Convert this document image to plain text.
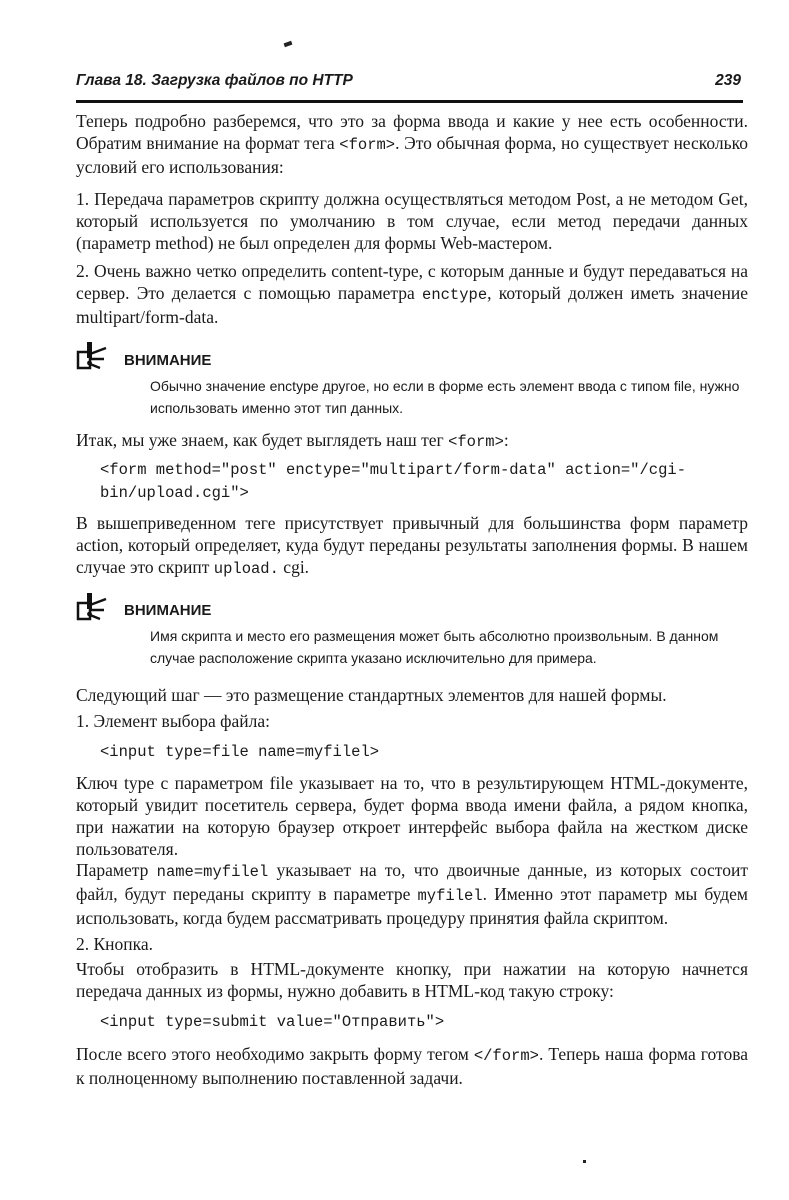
Глава 18. Загрузка файлов по HTTP	239

Теперь подробно разберемся, что это за форма ввода и какие у нее есть особенности. Обратим внимание на формат тега <form>. Это обычная форма, но существует несколько условий его использования:

1. Передача параметров скрипту должна осуществляться методом Post, а не методом Get, который используется по умолчанию в том случае, если метод передачи данных (параметр method) не был определен для формы Web-мастером.

2. Очень важно четко определить content-type, с которым данные и будут передаваться на сервер. Это делается с помощью параметра enctype, который должен иметь значение multipart/form-data.

ВНИМАНИЕ
Обычно значение enctype другое, но если в форме есть элемент ввода с типом file, нужно использовать именно этот тип данных.

Итак, мы уже знаем, как будет выглядеть наш тег <form>:

<form method="post" enctype="multipart/form-data" action="/cgi-
bin/upload.cgi">

В вышеприведенном теге присутствует привычный для большинства форм параметр action, который определяет, куда будут переданы результаты заполнения формы. В нашем случае это скрипт upload. cgi.

ВНИМАНИЕ
Имя скрипта и место его размещения может быть абсолютно произвольным. В данном случае расположение скрипта указано исключительно для примера.

Следующий шаг — это размещение стандартных элементов для нашей формы.

1. Элемент выбора файла:

<input type=file name=myfilel>

Ключ type с параметром file указывает на то, что в результирующем HTML-документе, который увидит посетитель сервера, будет форма ввода имени файла, а рядом кнопка, при нажатии на которую браузер откроет интерфейс выбора файла на жестком диске пользователя.

Параметр name=myfilel указывает на то, что двоичные данные, из которых состоит файл, будут переданы скрипту в параметре myfilel. Именно этот параметр мы будем использовать, когда будем рассматривать процедуру принятия файла скриптом.

2. Кнопка.

Чтобы отобразить в HTML-документе кнопку, при нажатии на которую начнется передача данных из формы, нужно добавить в HTML-код такую строку:

<input type=submit value="Отправить">

После всего этого необходимо закрыть форму тегом </form>. Теперь наша форма готова к полноценному выполнению поставленной задачи.
